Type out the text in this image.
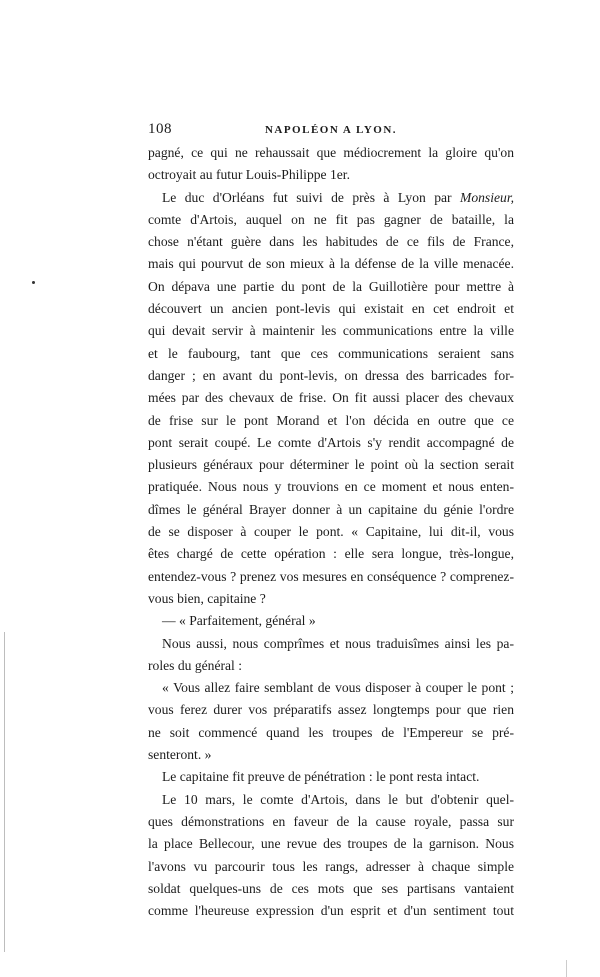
108	NAPOLÉON A LYON.
pagné, ce qui ne rehaussait que médiocrement la gloire qu'on
octroyait au futur Louis-Philippe 1er.
Le duc d'Orléans fut suivi de près à Lyon par Monsieur,
comte d'Artois, auquel on ne fit pas gagner de bataille, la
chose n'étant guère dans les habitudes de ce fils de France,
mais qui pourvut de son mieux à la défense de la ville menacée.
On dépava une partie du pont de la Guillotière pour mettre à
découvert un ancien pont-levis qui existait en cet endroit et
qui devait servir à maintenir les communications entre la ville
et le faubourg, tant que ces communications seraient sans
danger ; en avant du pont-levis, on dressa des barricades for-
mées par des chevaux de frise. On fit aussi placer des chevaux
de frise sur le pont Morand et l'on décida en outre que ce
pont serait coupé. Le comte d'Artois s'y rendit accompagné de
plusieurs généraux pour déterminer le point où la section serait
pratiquée. Nous nous y trouvions en ce moment et nous enten-
dîmes le général Brayer donner à un capitaine du génie l'ordre
de se disposer à couper le pont. « Capitaine, lui dit-il, vous
êtes chargé de cette opération : elle sera longue, très-longue,
entendez-vous ? prenez vos mesures en conséquence ? comprenez-
vous bien, capitaine ?
— « Parfaitement, général »
Nous aussi, nous comprîmes et nous traduisîmes ainsi les pa-
roles du général :
« Vous allez faire semblant de vous disposer à couper le pont ;
vous ferez durer vos préparatifs assez longtemps pour que rien
ne soit commencé quand les troupes de l'Empereur se pré-
senteront. »
Le capitaine fit preuve de pénétration : le pont resta intact.
Le 10 mars, le comte d'Artois, dans le but d'obtenir quel-
ques démonstrations en faveur de la cause royale, passa sur
la place Bellecour, une revue des troupes de la garnison. Nous
l'avons vu parcourir tous les rangs, adresser à chaque simple
soldat quelques-uns de ces mots que ses partisans vantaient
comme l'heureuse expression d'un esprit et d'un sentiment tout
